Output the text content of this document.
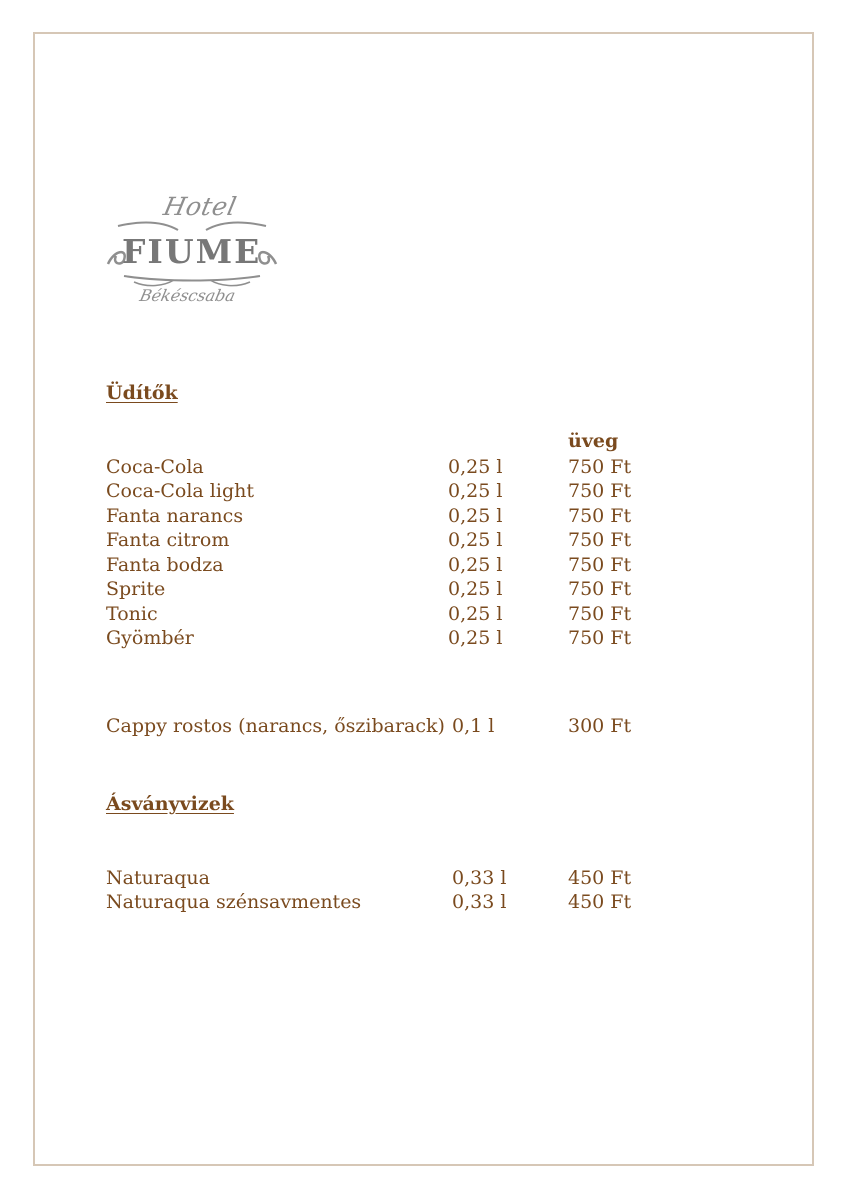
Hotel
FIUME
Békéscsaba
Üdítők
üveg
Coca-Cola	0,25 l	750 Ft
Coca-Cola light	0,25 l	750 Ft
Fanta narancs	0,25 l	750 Ft
Fanta citrom	0,25 l	750 Ft
Fanta bodza	0,25 l	750 Ft
Sprite	0,25 l	750 Ft
Tonic	0,25 l	750 Ft
Gyömbér	0,25 l	750 Ft
Cappy rostos (narancs, őszibarack) 0,1 l	300 Ft
Ásványvizek
Naturaqua	0,33 l	450 Ft
Naturaqua szénsavmentes	0,33 l	450 Ft
